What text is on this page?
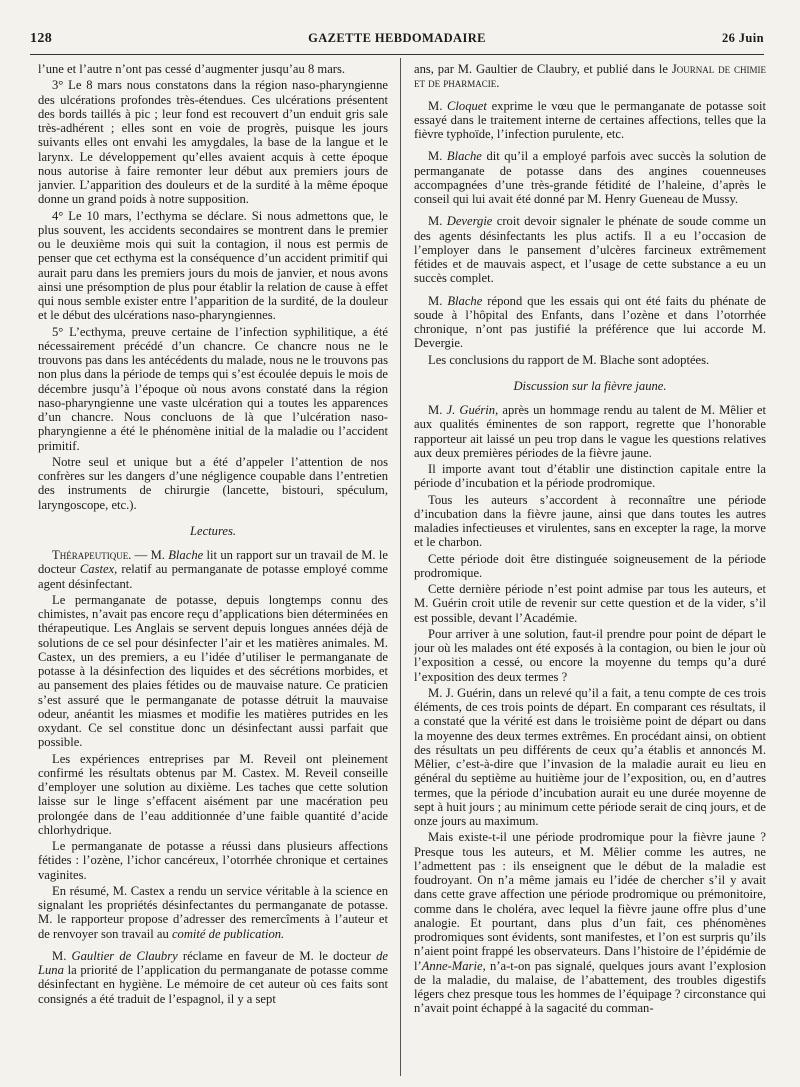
128	GAZETTE HEBDOMADAIRE	26 Juin

l’une et l’autre n’ont pas cessé d’augmenter jusqu’au 8 mars.

3° Le 8 mars nous constatons dans la région naso-pharyngienne des ulcérations profondes très-étendues. Ces ulcérations présentent des bords taillés à pic ; leur fond est recouvert d’un enduit gris sale très-adhérent ; elles sont en voie de progrès, puisque les jours suivants elles ont envahi les amygdales, la base de la langue et le larynx. Le développement qu’elles avaient acquis à cette époque nous autorise à faire remonter leur début aux premiers jours de janvier. L’apparition des douleurs et de la surdité à la même époque donne un grand poids à notre supposition.

4° Le 10 mars, l’ecthyma se déclare. Si nous admettons que, le plus souvent, les accidents secondaires se montrent dans le premier ou le deuxième mois qui suit la contagion, il nous est permis de penser que cet ecthyma est la conséquence d’un accident primitif qui aurait paru dans les premiers jours du mois de janvier, et nous avons ainsi une présomption de plus pour établir la relation de cause à effet qui nous semble exister entre l’apparition de la surdité, de la douleur et le début des ulcérations naso-pharyngiennes.

5° L’ecthyma, preuve certaine de l’infection syphilitique, a été nécessairement précédé d’un chancre. Ce chancre nous ne le trouvons pas dans les antécédents du malade, nous ne le trouvons pas non plus dans la période de temps qui s’est écoulée depuis le mois de décembre jusqu’à l’époque où nous avons constaté dans la région naso-pharyngienne une vaste ulcération qui a toutes les apparences d’un chancre. Nous concluons de là que l’ulcération naso-pharyngienne a été le phénomène initial de la maladie ou l’accident primitif.

Notre seul et unique but a été d’appeler l’attention de nos confrères sur les dangers d’une négligence coupable dans l’entretien des instruments de chirurgie (lancette, bistouri, spéculum, laryngoscope, etc.).

Lectures.

Thérapeutique. — M. Blache lit un rapport sur un travail de M. le docteur Castex, relatif au permanganate de potasse employé comme agent désinfectant.

Le permanganate de potasse, depuis longtemps connu des chimistes, n’avait pas encore reçu d’applications bien déterminées en thérapeutique. Les Anglais se servent depuis longues années déjà de solutions de ce sel pour désinfecter l’air et les matières animales. M. Castex, un des premiers, a eu l’idée d’utiliser le permanganate de potasse à la désinfection des liquides et des sécrétions morbides, et au pansement des plaies fétides ou de mauvaise nature. Ce praticien s’est assuré que le permanganate de potasse détruit la mauvaise odeur, anéantit les miasmes et modifie les matières putrides en les oxydant. Ce sel constitue donc un désinfectant aussi parfait que possible.

Les expériences entreprises par M. Reveil ont pleinement confirmé les résultats obtenus par M. Castex. M. Reveil conseille d’employer une solution au dixième. Les taches que cette solution laisse sur le linge s’effacent aisément par une macération peu prolongée dans de l’eau additionnée d’une faible quantité d’acide chlorhydrique.

Le permanganate de potasse a réussi dans plusieurs affections fétides : l’ozène, l’ichor cancéreux, l’otorrhée chronique et certaines vaginites.

En résumé, M. Castex a rendu un service véritable à la science en signalant les propriétés désinfectantes du permanganate de potasse. M. le rapporteur propose d’adresser des remercîments à l’auteur et de renvoyer son travail au comité de publication.

M. Gaultier de Claubry réclame en faveur de M. le docteur de Luna la priorité de l’application du permanganate de potasse comme désinfectant en hygiène. Le mémoire de cet auteur où ces faits sont consignés a été traduit de l’espagnol, il y a sept

ans, par M. Gaultier de Claubry, et publié dans le Journal de chimie et de pharmacie.

M. Cloquet exprime le vœu que le permanganate de potasse soit essayé dans le traitement interne de certaines affections, telles que la fièvre typhoïde, l’infection purulente, etc.

M. Blache dit qu’il a employé parfois avec succès la solution de permanganate de potasse dans des angines couenneuses accompagnées d’une très-grande fétidité de l’haleine, d’après le conseil qui lui avait été donné par M. Henry Gueneau de Mussy.

M. Devergie croit devoir signaler le phénate de soude comme un des agents désinfectants les plus actifs. Il a eu l’occasion de l’employer dans le pansement d’ulcères farcineux extrêmement fétides et de mauvais aspect, et l’usage de cette substance a eu un succès complet.

M. Blache répond que les essais qui ont été faits du phénate de soude à l’hôpital des Enfants, dans l’ozène et dans l’otorrhée chronique, n’ont pas justifié la préférence que lui accorde M. Devergie.

Les conclusions du rapport de M. Blache sont adoptées.

Discussion sur la fièvre jaune.

M. J. Guérin, après un hommage rendu au talent de M. Mêlier et aux qualités éminentes de son rapport, regrette que l’honorable rapporteur ait laissé un peu trop dans le vague les questions relatives aux deux premières périodes de la fièvre jaune.

Il importe avant tout d’établir une distinction capitale entre la période d’incubation et la période prodromique.

Tous les auteurs s’accordent à reconnaître une période d’incubation dans la fièvre jaune, ainsi que dans toutes les autres maladies infectieuses et virulentes, sans en excepter la rage, la morve et le charbon.

Cette période doit être distinguée soigneusement de la période prodromique.

Cette dernière période n’est point admise par tous les auteurs, et M. Guérin croit utile de revenir sur cette question et de la vider, s’il est possible, devant l’Académie.

Pour arriver à une solution, faut-il prendre pour point de départ le jour où les malades ont été exposés à la contagion, ou bien le jour où l’exposition a cessé, ou encore la moyenne du temps qu’a duré l’exposition des deux termes ?

M. J. Guérin, dans un relevé qu’il a fait, a tenu compte de ces trois éléments, de ces trois points de départ. En comparant ces résultats, il a constaté que la vérité est dans le troisième point de départ ou dans la moyenne des deux termes extrêmes. En procédant ainsi, on obtient des résultats un peu différents de ceux qu’a établis et annoncés M. Mêlier, c’est-à-dire que l’invasion de la maladie aurait eu lieu en général du septième au huitième jour de l’exposition, ou, en d’autres termes, que la période d’incubation aurait eu une durée moyenne de sept à huit jours ; au minimum cette période serait de cinq jours, et de onze jours au maximum.

Mais existe-t-il une période prodromique pour la fièvre jaune ? Presque tous les auteurs, et M. Mêlier comme les autres, ne l’admettent pas : ils enseignent que le début de la maladie est foudroyant. On n’a même jamais eu l’idée de chercher s’il y avait dans cette grave affection une période prodromique ou prémonitoire, comme dans le choléra, avec lequel la fièvre jaune offre plus d’une analogie. Et pourtant, dans plus d’un fait, ces phénomènes prodromiques sont évidents, sont manifestes, et l’on est surpris qu’ils n’aient point frappé les observateurs. Dans l’histoire de l’épidémie de l’Anne-Marie, n’a-t-on pas signalé, quelques jours avant l’explosion de la maladie, du malaise, de l’abattement, des troubles digestifs légers chez presque tous les hommes de l’équipage ? circonstance qui n’avait point échappé à la sagacité du comman-
